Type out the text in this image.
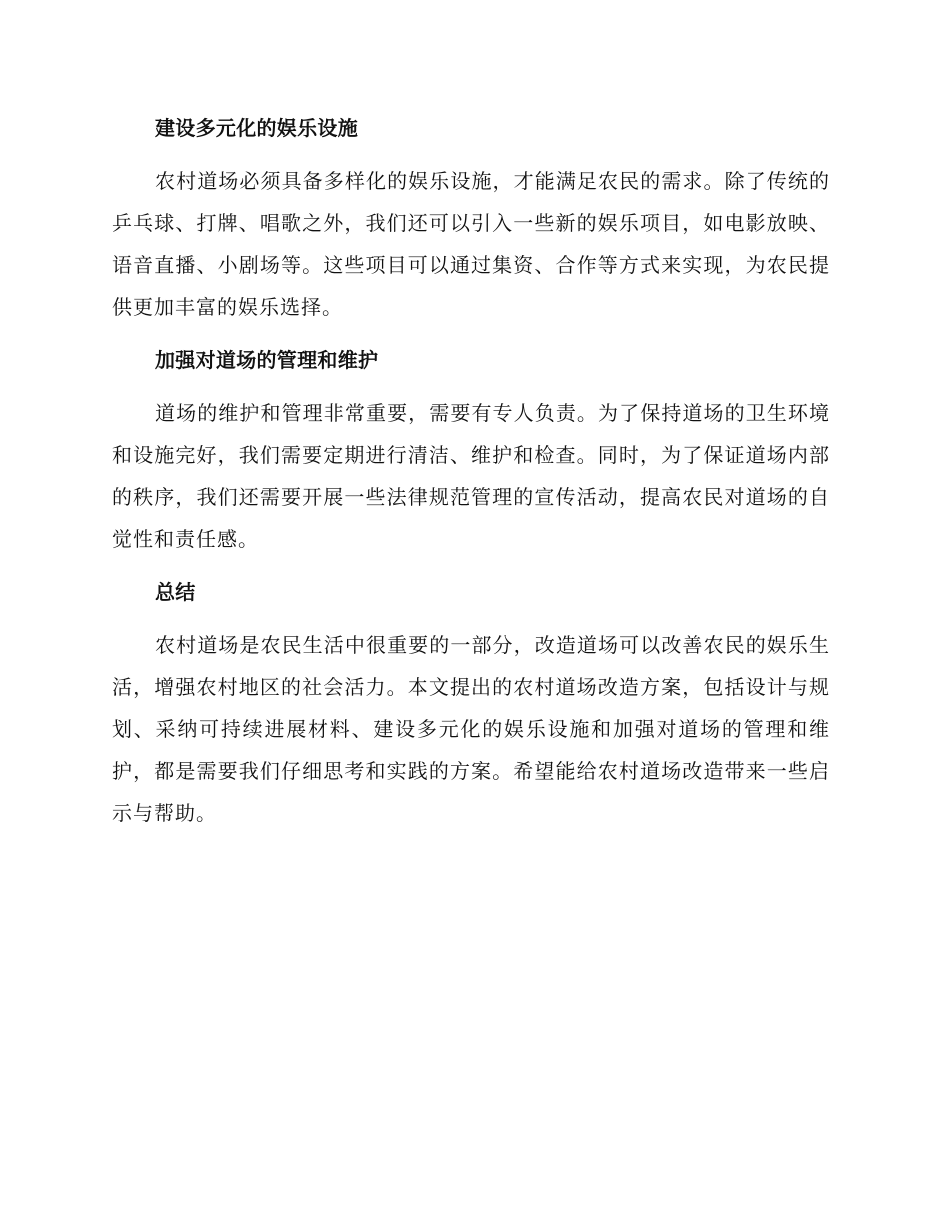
建设多元化的娱乐设施

农村道场必须具备多样化的娱乐设施，才能满足农民的需求。除了传统的乒乓球、打牌、唱歌之外，我们还可以引入一些新的娱乐项目，如电影放映、语音直播、小剧场等。这些项目可以通过集资、合作等方式来实现，为农民提供更加丰富的娱乐选择。

加强对道场的管理和维护

道场的维护和管理非常重要，需要有专人负责。为了保持道场的卫生环境和设施完好，我们需要定期进行清洁、维护和检查。同时，为了保证道场内部的秩序，我们还需要开展一些法律规范管理的宣传活动，提高农民对道场的自觉性和责任感。

总结

农村道场是农民生活中很重要的一部分，改造道场可以改善农民的娱乐生活，增强农村地区的社会活力。本文提出的农村道场改造方案，包括设计与规划、采纳可持续进展材料、建设多元化的娱乐设施和加强对道场的管理和维护，都是需要我们仔细思考和实践的方案。希望能给农村道场改造带来一些启示与帮助。
